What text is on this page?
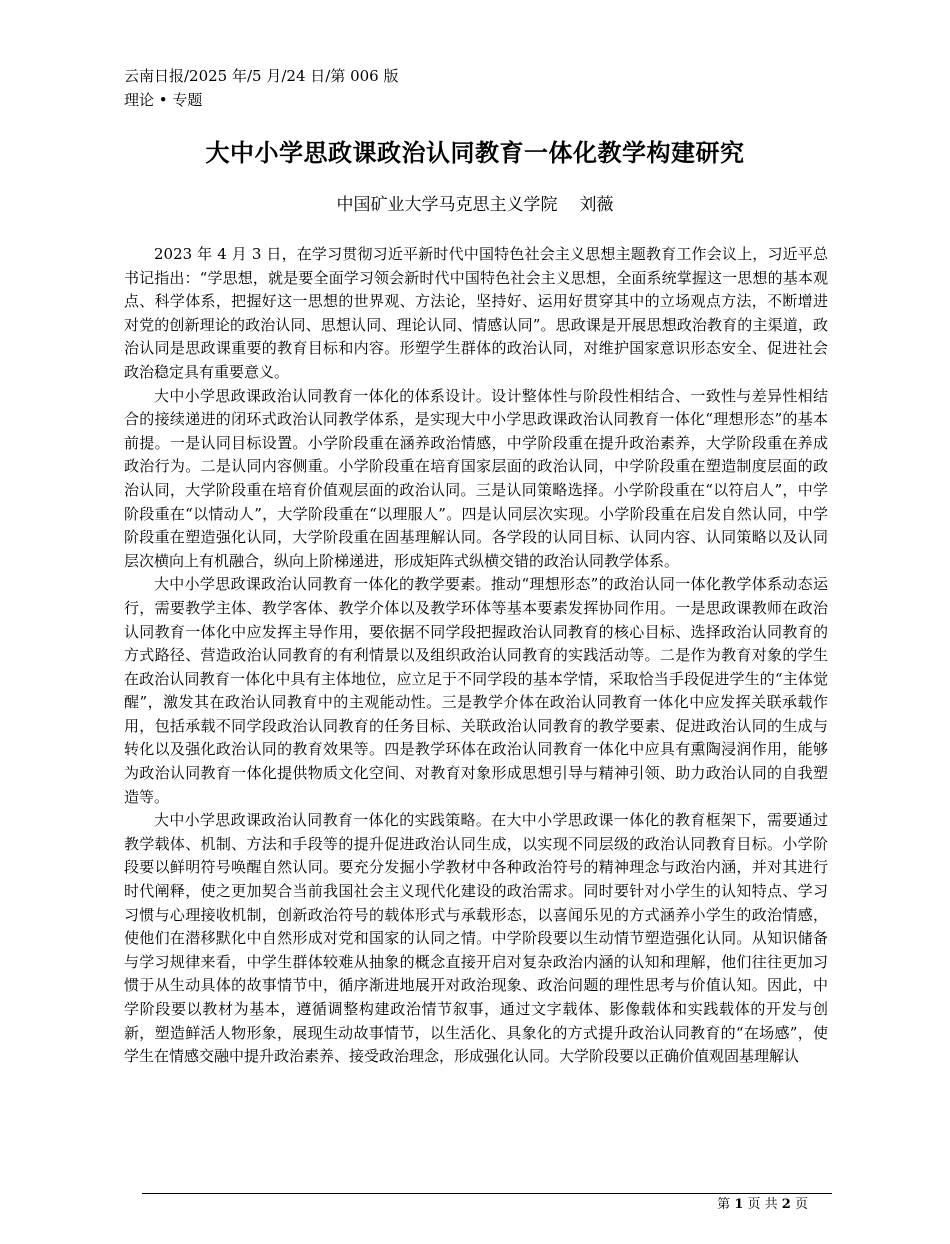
云南日报/2025 年/5 月/24 日/第 006 版
理论 • 专题
大中小学思政课政治认同教育一体化教学构建研究
中国矿业大学马克思主义学院 刘薇

2023 年 4 月 3 日，在学习贯彻习近平新时代中国特色社会主义思想主题教育工作会议上，习近平总书记指出：“学思想，就是要全面学习领会新时代中国特色社会主义思想，全面系统掌握这一思想的基本观点、科学体系，把握好这一思想的世界观、方法论，坚持好、运用好贯穿其中的立场观点方法，不断增进对党的创新理论的政治认同、思想认同、理论认同、情感认同”。思政课是开展思想政治教育的主渠道，政治认同是思政课重要的教育目标和内容。形塑学生群体的政治认同，对维护国家意识形态安全、促进社会政治稳定具有重要意义。

大中小学思政课政治认同教育一体化的体系设计。设计整体性与阶段性相结合、一致性与差异性相结合的接续递进的闭环式政治认同教学体系，是实现大中小学思政课政治认同教育一体化“理想形态”的基本前提。一是认同目标设置。小学阶段重在涵养政治情感，中学阶段重在提升政治素养，大学阶段重在养成政治行为。二是认同内容侧重。小学阶段重在培育国家层面的政治认同，中学阶段重在塑造制度层面的政治认同，大学阶段重在培育价值观层面的政治认同。三是认同策略选择。小学阶段重在“以符启人”，中学阶段重在“以情动人”，大学阶段重在“以理服人”。四是认同层次实现。小学阶段重在启发自然认同，中学阶段重在塑造强化认同，大学阶段重在固基理解认同。各学段的认同目标、认同内容、认同策略以及认同层次横向上有机融合，纵向上阶梯递进，形成矩阵式纵横交错的政治认同教学体系。

大中小学思政课政治认同教育一体化的教学要素。推动“理想形态”的政治认同一体化教学体系动态运行，需要教学主体、教学客体、教学介体以及教学环体等基本要素发挥协同作用。一是思政课教师在政治认同教育一体化中应发挥主导作用，要依据不同学段把握政治认同教育的核心目标、选择政治认同教育的方式路径、营造政治认同教育的有利情景以及组织政治认同教育的实践活动等。二是作为教育对象的学生在政治认同教育一体化中具有主体地位，应立足于不同学段的基本学情，采取恰当手段促进学生的“主体觉醒”，激发其在政治认同教育中的主观能动性。三是教学介体在政治认同教育一体化中应发挥关联承载作用，包括承载不同学段政治认同教育的任务目标、关联政治认同教育的教学要素、促进政治认同的生成与转化以及强化政治认同的教育效果等。四是教学环体在政治认同教育一体化中应具有熏陶浸润作用，能够为政治认同教育一体化提供物质文化空间、对教育对象形成思想引导与精神引领、助力政治认同的自我塑造等。

大中小学思政课政治认同教育一体化的实践策略。在大中小学思政课一体化的教育框架下，需要通过教学载体、机制、方法和手段等的提升促进政治认同生成，以实现不同层级的政治认同教育目标。小学阶段要以鲜明符号唤醒自然认同。要充分发掘小学教材中各种政治符号的精神理念与政治内涵，并对其进行时代阐释，使之更加契合当前我国社会主义现代化建设的政治需求。同时要针对小学生的认知特点、学习习惯与心理接收机制，创新政治符号的载体形式与承载形态，以喜闻乐见的方式涵养小学生的政治情感，使他们在潜移默化中自然形成对党和国家的认同之情。中学阶段要以生动情节塑造强化认同。从知识储备与学习规律来看，中学生群体较难从抽象的概念直接开启对复杂政治内涵的认知和理解，他们往往更加习惯于从生动具体的故事情节中，循序渐进地展开对政治现象、政治问题的理性思考与价值认知。因此，中学阶段要以教材为基本，遵循调整构建政治情节叙事，通过文字载体、影像载体和实践载体的开发与创新，塑造鲜活人物形象，展现生动故事情节，以生活化、具象化的方式提升政治认同教育的“在场感”，使学生在情感交融中提升政治素养、接受政治理念，形成强化认同。大学阶段要以正确价值观固基理解认

第 1 页 共 2 页
